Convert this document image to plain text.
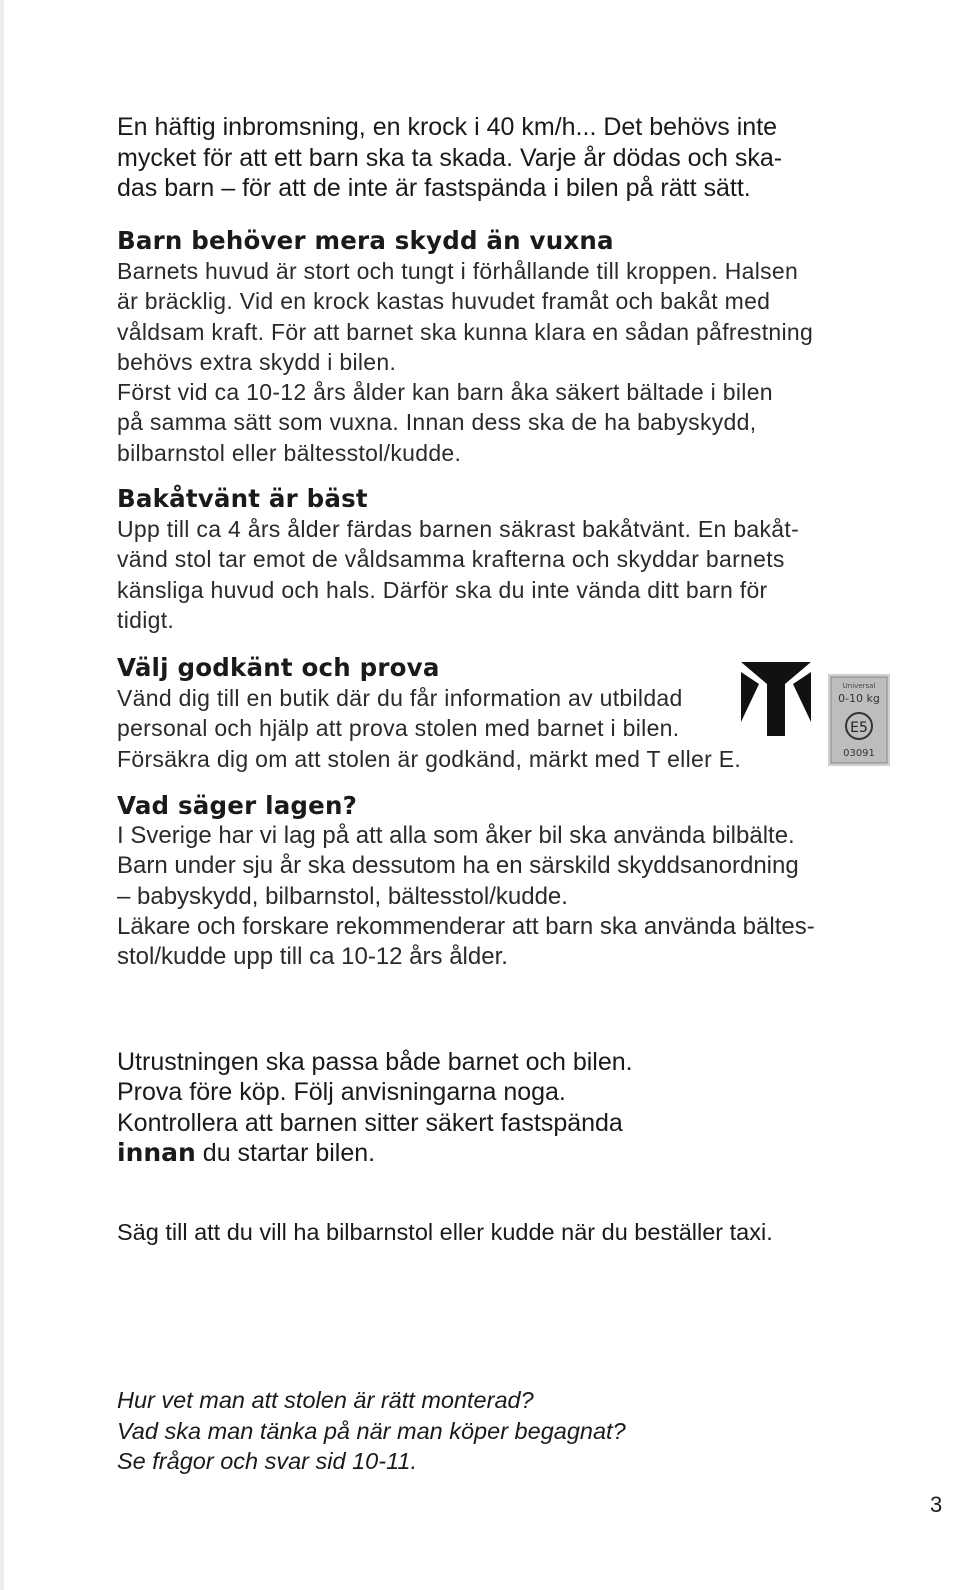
En häftig inbromsning, en krock i 40 km/h... Det behövs inte
mycket för att ett barn ska ta skada. Varje år dödas och ska-
das barn – för att de inte är fastspända i bilen på rätt sätt.
Barn behöver mera skydd än vuxna

Barnets huvud är stort och tungt i förhållande till kroppen. Halsen
är bräcklig. Vid en krock kastas huvudet framåt och bakåt med
våldsam kraft. För att barnet ska kunna klara en sådan påfrestning
behövs extra skydd i bilen.
Först vid ca 10-12 års ålder kan barn åka säkert bältade i bilen
på samma sätt som vuxna. Innan dess ska de ha babyskydd,
bilbarnstol eller bältesstol/kudde.

Bakåtvänt är bäst

Upp till ca 4 års ålder färdas barnen säkrast bakåtvänt. En bakåt-
vänd stol tar emot de våldsamma krafterna och skyddar barnets
känsliga huvud och hals. Därför ska du inte vända ditt barn för
tidigt.

Välj godkänt och prova

Vänd dig till en butik där du får information av utbildad
personal och hjälp att prova stolen med barnet i bilen.
Försäkra dig om att stolen är godkänd, märkt med T eller E.

Universal
0-10 kg
E5
03091
Vad säger lagen?

I Sverige har vi lag på att alla som åker bil ska använda bilbälte.
Barn under sju år ska dessutom ha en särskild skyddsanordning
– babyskydd, bilbarnstol, bältesstol/kudde.
Läkare och forskare rekommenderar att barn ska använda bältes-
stol/kudde upp till ca 10-12 års ålder.

Utrustningen ska passa både barnet och bilen.
Prova före köp. Följ anvisningarna noga.
Kontrollera att barnen sitter säkert fastspända
innan du startar bilen.
Säg till att du vill ha bilbarnstol eller kudde när du beställer taxi.
Hur vet man att stolen är rätt monterad?
Vad ska man tänka på när man köper begagnat?
Se frågor och svar sid 10-11.
3
